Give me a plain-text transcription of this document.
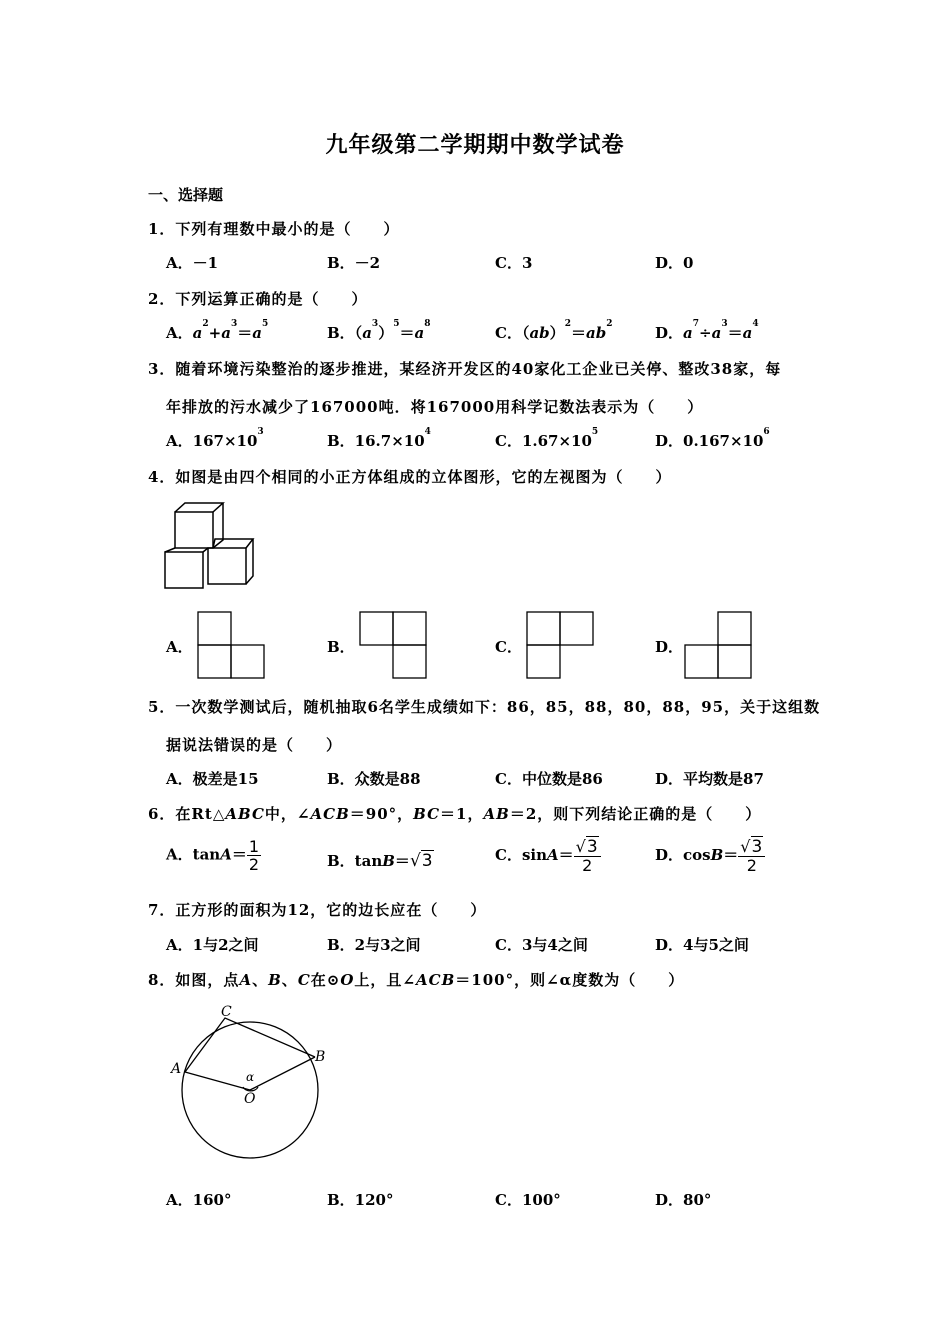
九年级第二学期期中数学试卷
一、选择题
1．下列有理数中最小的是（　　）
A．－1	B．－2	C．3	D．0
2．下列运算正确的是（　　）
A．$a^2+a^3=a^5$	B．$(a^3)^5=a^8$	C．$(ab)^2=ab^2$	D．$a^7\div a^3=a^4$
3．随着环境污染整治的逐步推进，某经济开发区的40家化工企业已关停、整改38家，每
年排放的污水减少了167000吨．将167000用科学记数法表示为（　　）
A．$167\times 10^3$	B．$16.7\times 10^4$	C．$1.67\times 10^5$	D．$0.167\times 10^6$
4．如图是由四个相同的小正方体组成的立体图形，它的左视图为（　　）
A．	B．	C．	D．
5．一次数学测试后，随机抽取6名学生成绩如下：86，85，88，80，88，95，关于这组数
据说法错误的是（　　）
A．极差是15	B．众数是88	C．中位数是86	D．平均数是87
6．在Rt△ABC中，∠ACB＝90°，BC＝1，AB＝2，则下列结论正确的是（　　）
A．$\tan A= \frac{1}{2}$	B．tanB＝√3	C．$\sin A= \frac{√3}{2}$	D．$\cos B= \frac{√3}{2}$
7．正方形的面积为12，它的边长应在（　　）
A．1与2之间	B．2与3之间	C．3与4之间	D．4与5之间
8．如图，点A、B、C在⊙O上，且∠ACB＝100°，则∠α度数为（　　）
C
B
A
O
α
A．160°	B．120°	C．100°	D．80°
